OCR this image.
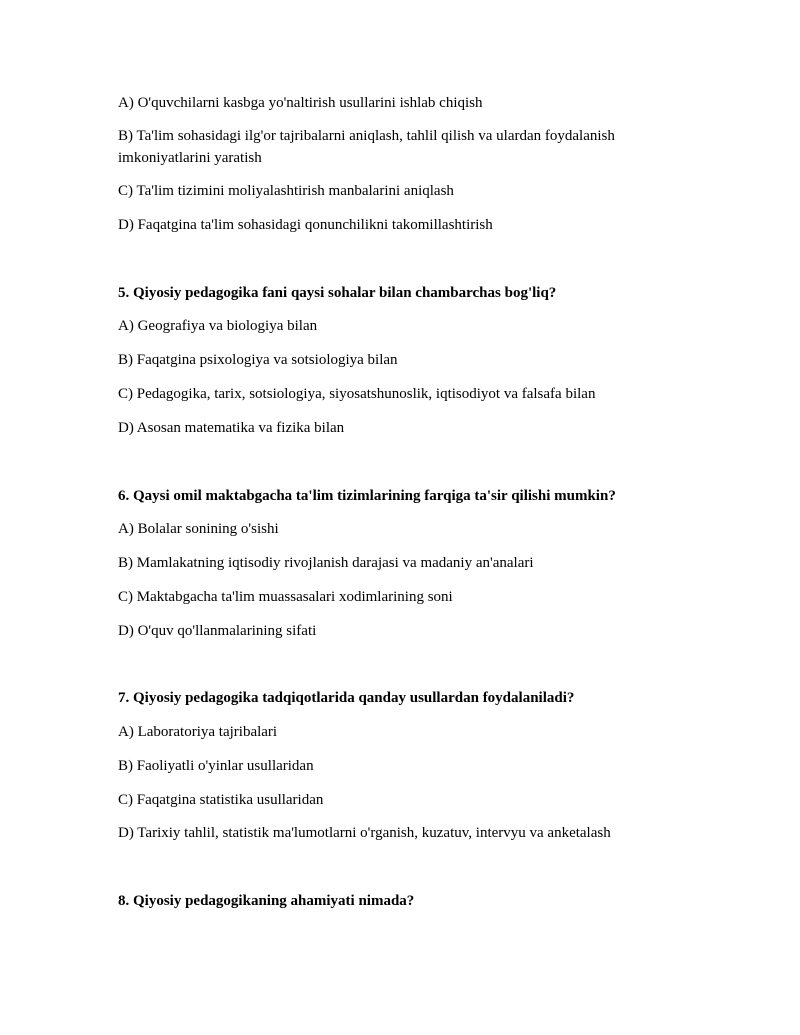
A) O'quvchilarni kasbga yo'naltirish usullarini ishlab chiqish
B) Ta'lim sohasidagi ilg'or tajribalarni aniqlash, tahlil qilish va ulardan foydalanish
imkoniyatlarini yaratish
C) Ta'lim tizimini moliyalashtirish manbalarini aniqlash
D) Faqatgina ta'lim sohasidagi qonunchilikni takomillashtirish
5. Qiyosiy pedagogika fani qaysi sohalar bilan chambarchas bog'liq?
A) Geografiya va biologiya bilan
B) Faqatgina psixologiya va sotsiologiya bilan
C) Pedagogika, tarix, sotsiologiya, siyosatshunoslik, iqtisodiyot va falsafa bilan
D) Asosan matematika va fizika bilan
6. Qaysi omil maktabgacha ta'lim tizimlarining farqiga ta'sir qilishi mumkin?
A) Bolalar sonining o'sishi
B) Mamlakatning iqtisodiy rivojlanish darajasi va madaniy an'analari
C) Maktabgacha ta'lim muassasalari xodimlarining soni
D) O'quv qo'llanmalarining sifati
7. Qiyosiy pedagogika tadqiqotlarida qanday usullardan foydalaniladi?
A) Laboratoriya tajribalari
B) Faoliyatli o'yinlar usullaridan
C) Faqatgina statistika usullaridan
D) Tarixiy tahlil, statistik ma'lumotlarni o'rganish, kuzatuv, intervyu va anketalash
8. Qiyosiy pedagogikaning ahamiyati nimada?
